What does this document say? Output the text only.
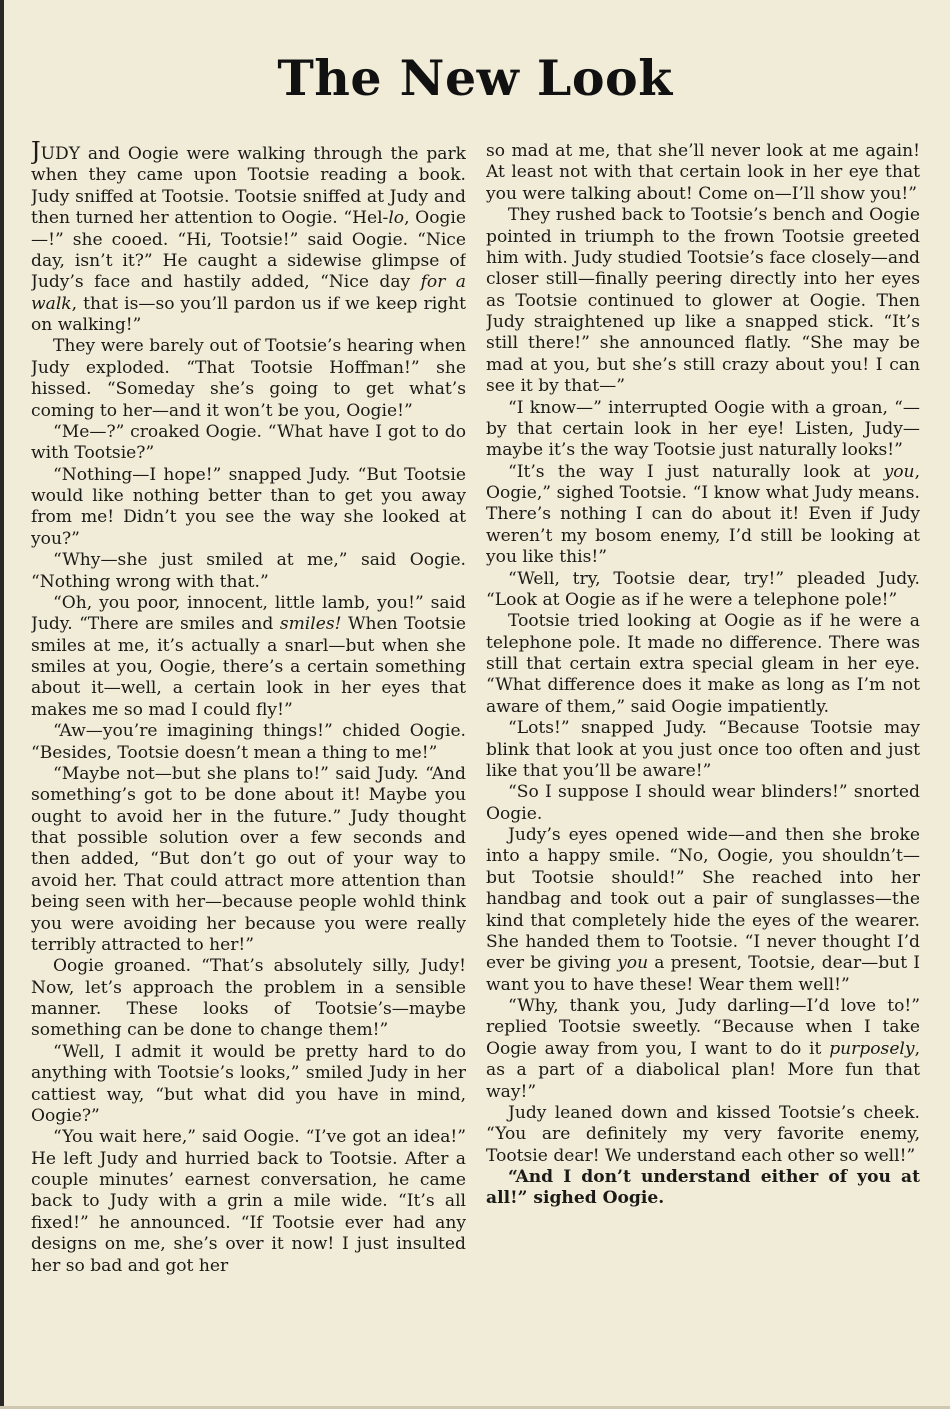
The New Look

JUDY and Oogie were walking through the park when they came upon Tootsie reading a book. Judy sniffed at Tootsie. Tootsie sniffed at Judy and then turned her attention to Oogie. “Hel-lo, Oogie—!” she cooed. “Hi, Tootsie!” said Oogie. “Nice day, isn’t it?” He caught a sidewise glimpse of Judy’s face and hastily added, “Nice day for a walk, that is—so you’ll pardon us if we keep right on walking!”

They were barely out of Tootsie’s hearing when Judy exploded. “That Tootsie Hoffman!” she hissed. “Someday she’s going to get what’s coming to her—and it won’t be you, Oogie!”

“Me—?” croaked Oogie. “What have I got to do with Tootsie?”

“Nothing—I hope!” snapped Judy. “But Tootsie would like nothing better than to get you away from me! Didn’t you see the way she looked at you?”

“Why—she just smiled at me,” said Oogie. “Nothing wrong with that.”

“Oh, you poor, innocent, little lamb, you!” said Judy. “There are smiles and smiles! When Tootsie smiles at me, it’s actually a snarl—but when she smiles at you, Oogie, there’s a certain something about it—well, a certain look in her eyes that makes me so mad I could fly!”

“Aw—you’re imagining things!” chided Oogie. “Besides, Tootsie doesn’t mean a thing to me!”

“Maybe not—but she plans to!” said Judy. “And something’s got to be done about it! Maybe you ought to avoid her in the future.” Judy thought that possible solution over a few seconds and then added, “But don’t go out of your way to avoid her. That could attract more attention than being seen with her—because people wohld think you were avoiding her because you were really terribly attracted to her!”

Oogie groaned. “That’s absolutely silly, Judy! Now, let’s approach the problem in a sensible manner. These looks of Tootsie’s—maybe something can be done to change them!”

“Well, I admit it would be pretty hard to do anything with Tootsie’s looks,” smiled Judy in her cattiest way, “but what did you have in mind, Oogie?”

“You wait here,” said Oogie. “I’ve got an idea!” He left Judy and hurried back to Tootsie. After a couple minutes’ earnest conversation, he came back to Judy with a grin a mile wide. “It’s all fixed!” he announced. “If Tootsie ever had any designs on me, she’s over it now! I just insulted her so bad and got her

so mad at me, that she’ll never look at me again! At least not with that certain look in her eye that you were talking about! Come on—I’ll show you!”

They rushed back to Tootsie’s bench and Oogie pointed in triumph to the frown Tootsie greeted him with. Judy studied Tootsie’s face closely—and closer still—finally peering directly into her eyes as Tootsie continued to glower at Oogie. Then Judy straightened up like a snapped stick. “It’s still there!” she announced flatly. “She may be mad at you, but she’s still crazy about you! I can see it by that—”

“I know—” interrupted Oogie with a groan, “—by that certain look in her eye! Listen, Judy—maybe it’s the way Tootsie just naturally looks!”

“It’s the way I just naturally look at you, Oogie,” sighed Tootsie. “I know what Judy means. There’s nothing I can do about it! Even if Judy weren’t my bosom enemy, I’d still be looking at you like this!”

“Well, try, Tootsie dear, try!” pleaded Judy. “Look at Oogie as if he were a telephone pole!”

Tootsie tried looking at Oogie as if he were a telephone pole. It made no difference. There was still that certain extra special gleam in her eye. “What difference does it make as long as I’m not aware of them,” said Oogie impatiently.

“Lots!” snapped Judy. “Because Tootsie may blink that look at you just once too often and just like that you’ll be aware!”

“So I suppose I should wear blinders!” snorted Oogie.

Judy’s eyes opened wide—and then she broke into a happy smile. “No, Oogie, you shouldn’t—but Tootsie should!” She reached into her handbag and took out a pair of sunglasses—the kind that completely hide the eyes of the wearer. She handed them to Tootsie. “I never thought I’d ever be giving you a present, Tootsie, dear—but I want you to have these! Wear them well!”

“Why, thank you, Judy darling—I’d love to!” replied Tootsie sweetly. “Because when I take Oogie away from you, I want to do it purposely, as a part of a diabolical plan! More fun that way!”

Judy leaned down and kissed Tootsie’s cheek. “You are definitely my very favorite enemy, Tootsie dear! We understand each other so well!”

“And I don’t understand either of you at all!” sighed Oogie.
